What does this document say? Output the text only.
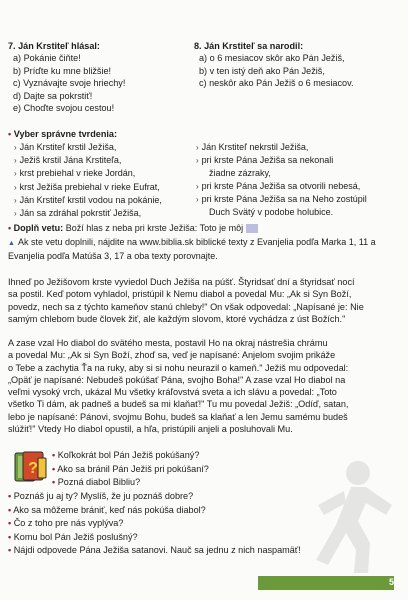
7. Ján Krstiteľ hlásal:
a) Pokánie čiňte!
b) Príďte ku mne bližšie!
c) Vyznávajte svoje hriechy!
d) Dajte sa pokrstiť!
e) Choďte svojou cestou!
8. Ján Krstiteľ sa narodil:
a) o 6 mesiacov skôr ako Pán Ježiš,
b) v ten istý deň ako Pán Ježiš,
c) neskôr ako Pán Ježiš o 6 mesiacov.
• Vyber správne tvrdenia:
› Ján Krstiteľ krstil Ježiša,
› Ježiš krstil Jána Krstiteľa,
› krst prebiehal v rieke Jordán,
› krst Ježiša prebiehal v rieke Eufrat,
› Ján Krstiteľ krstil vodou na pokánie,
› Ján sa zdráhal pokrstiť Ježiša,
› Ján Krstiteľ nekrstil Ježiša,
› pri krste Pána Ježiša sa nekonali
žiadne zázraky,
› pri krste Pána Ježiša sa otvorili nebesá,
› pri krste Pána Ježiša sa na Neho zostúpil
Duch Svätý v podobe holubice.
• Doplň vetu: Boží hlas z neba pri krste Ježiša: Toto je môj
▲ Ak ste vetu doplnili, nájdite na www.biblia.sk biblické texty z Evanjelia podľa Marka 1, 11 a Evanjelia podľa Matúša 3, 17 a oba texty porovnajte.
Ihneď po Ježišovom krste vyviedol Duch Ježiša na púšť. Štyridsať dní a štyridsať nocí
sa postil. Keď potom vyhladol, pristúpil k Nemu diabol a povedal Mu: „Ak si Syn Boží,
povedz, nech sa z týchto kameňov stanú chleby!" On však odpovedal: „Napísané je: Nie
samým chlebom bude človek žiť, ale každým slovom, ktoré vychádza z úst Božích."
A zase vzal Ho diabol do svätého mesta, postavil Ho na okraj nástrešia chrámu
a povedal Mu: „Ak si Syn Boží, zhoď sa, veď je napísané: Anjelom svojim prikáže
o Tebe a zachytia Ťa na ruky, aby si si nohu neurazil o kameň." Ježiš mu odpovedal:
„Opäť je napísané: Nebudeš pokúšať Pána, svojho Boha!" A zase vzal Ho diabol na
veľmi vysoký vrch, ukázal Mu všetky kráľovstvá sveta a ich slávu a povedal: „Toto
všetko Ti dám, ak padneš a budeš sa mi klaňať!" Tu mu povedal Ježiš: „Odíď, satan,
lebo je napísané: Pánovi, svojmu Bohu, budeš sa klaňať a len Jemu samému budeš
slúžiť!" Vtedy Ho diabol opustil, a hľa, pristúpili anjeli a posluhovali Mu.
?
• Koľkokrát bol Pán Ježiš pokúšaný?
• Ako sa bránil Pán Ježiš pri pokúšaní?
• Pozná diabol Bibliu?
• Poznáš ju aj ty? Myslíš, že ju poznáš dobre?
• Ako sa môžeme brániť, keď nás pokúša diabol?
• Čo z toho pre nás vyplýva?
• Komu bol Pán Ježiš poslušný?
• Nájdi odpovede Pána Ježiša satanovi. Nauč sa jednu z nich naspamäť!
5
